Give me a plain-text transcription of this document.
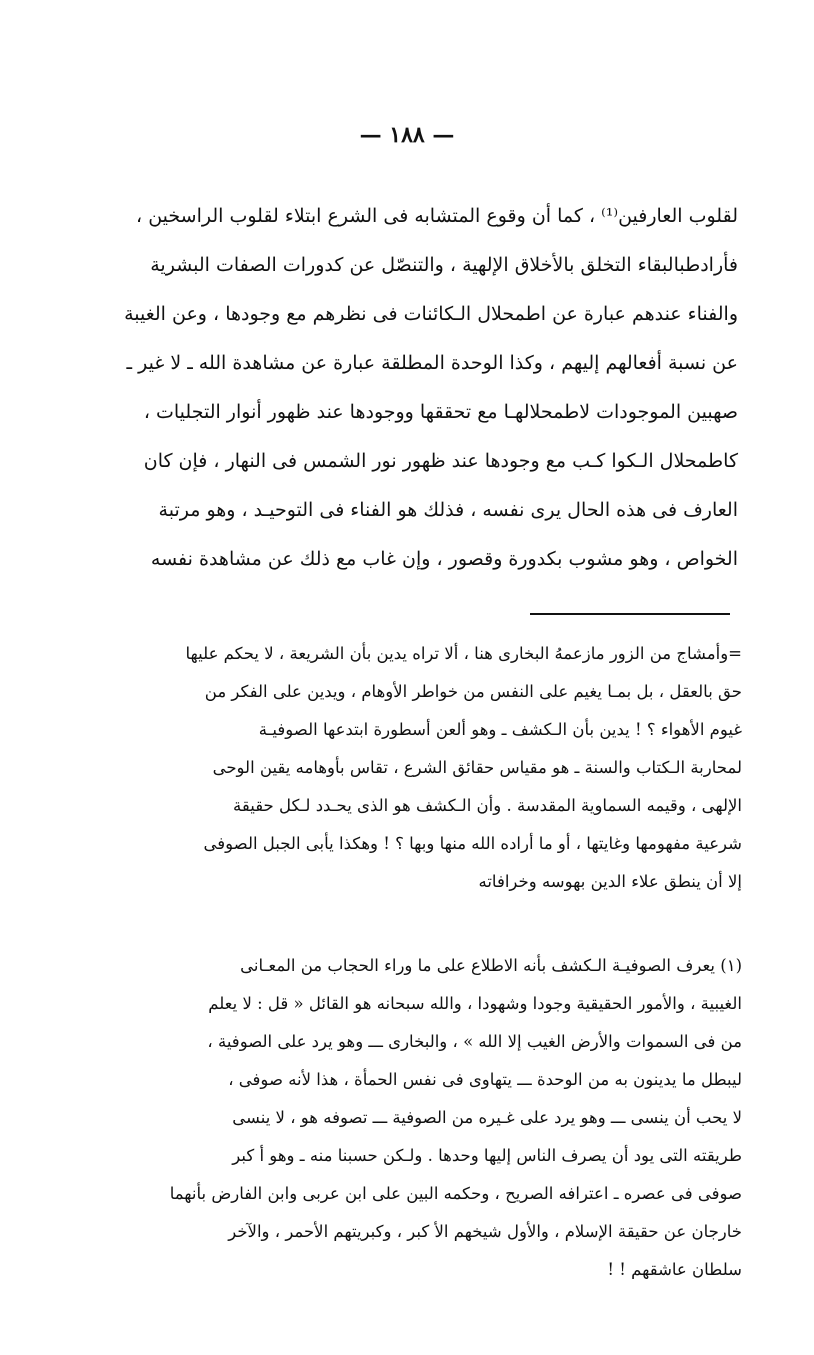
— ١٨٨ —

لقلوب العارفين⁽¹⁾ ، كما أن وقوع المتشابه فى الشرع ابتلاء لقلوب الراسخين ،

فأرادطبالبقاء التخلق بالأخلاق الإلهية ، والتنصّل عن كدورات الصفات البشرية

والفناء عندهم عبارة عن اطمحلال الـكائنات فى نظرهم مع وجودها ، وعن الغيبة

عن نسبة أفعالهم إليهم ، وكذا الوحدة المطلقة عبارة عن مشاهدة الله ـ لا غير ـ

صهبين الموجودات لاطمحلالهـا مع تحققها ووجودها عند ظهور أنوار التجليات ،

كاطمحلال الـكوا كـب مع وجودها عند ظهور نور الشمس فى النهار ، فإن كان

العارف فى هذه الحال يرى نفسه ، فذلك هو الفناء فى التوحيـد ، وهو مرتبة

الخواص ، وهو مشوب بكدورة وقصور ، وإن غاب مع ذلك عن مشاهدة نفسه

=وأمشاج من الزور مازعمهُ البخارى هنا ، ألا تراه يدين بأن الشريعة ، لا يحكم عليها

حق بالعقل ، بل بمـا يغيم على النفس من خواطر الأوهام ، ويدين على الفكر من

غيوم الأهواء ؟ ! يدين بأن الـكشف ـ وهو ألعن أسطورة ابتدعها الصوفيـة

لمحاربة الـكتاب والسنة ـ هو مقياس حقائق الشرع ، تقاس بأوهامه يقين الوحى

الإلهى ، وقيمه السماوية المقدسة . وأن الـكشف هو الذى يحـدد لـكل حقيقة

شرعية مفهومها وغايتها ، أو ما أراده الله منها وبها ؟ ! وهكذا يأبى الجبل الصوفى

إلا أن ينطق علاء الدين بهوسه وخرافاته

(١) يعرف الصوفيـة الـكشف بأنه الاطلاع على ما وراء الحجاب من المعـانى

الغيبية ، والأمور الحقيقية وجودا وشهودا ، والله سبحانه هو القائل « قل : لا يعلم

من فى السموات والأرض الغيب إلا الله » ، والبخارى ـــ وهو يرد على الصوفية ،

ليبطل ما يدينون به من الوحدة ـــ يتهاوى فى نفس الحمأة ، هذا لأنه صوفى ،

لا يحب أن ينسى ـــ وهو يرد على غـيره من الصوفية ـــ تصوفه هو ، لا ينسى

طريقته التى يود أن يصرف الناس إليها وحدها . ولـكن حسبنا منه ـ وهو أ كبر

صوفى فى عصره ـ اعترافه الصريح ، وحكمه البين على ابن عربى وابن الفارض بأنهما

خارجان عن حقيقة الإسلام ، والأول شيخهم الأ كبر ، وكبريتهم الأحمر ، والآخر

سلطان عاشقهم ! !
